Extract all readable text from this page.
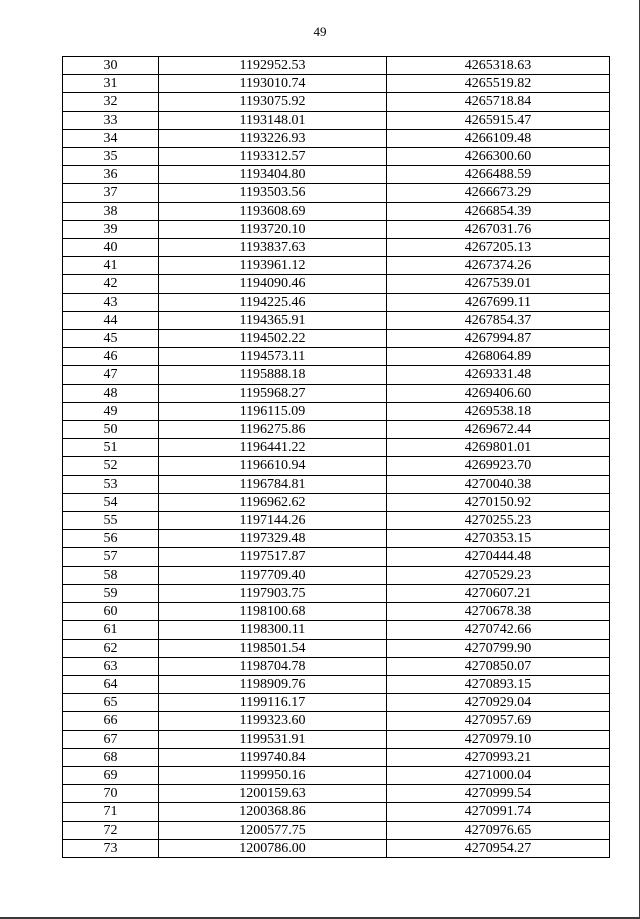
49
30	1192952.53	4265318.63
31	1193010.74	4265519.82
32	1193075.92	4265718.84
33	1193148.01	4265915.47
34	1193226.93	4266109.48
35	1193312.57	4266300.60
36	1193404.80	4266488.59
37	1193503.56	4266673.29
38	1193608.69	4266854.39
39	1193720.10	4267031.76
40	1193837.63	4267205.13
41	1193961.12	4267374.26
42	1194090.46	4267539.01
43	1194225.46	4267699.11
44	1194365.91	4267854.37
45	1194502.22	4267994.87
46	1194573.11	4268064.89
47	1195888.18	4269331.48
48	1195968.27	4269406.60
49	1196115.09	4269538.18
50	1196275.86	4269672.44
51	1196441.22	4269801.01
52	1196610.94	4269923.70
53	1196784.81	4270040.38
54	1196962.62	4270150.92
55	1197144.26	4270255.23
56	1197329.48	4270353.15
57	1197517.87	4270444.48
58	1197709.40	4270529.23
59	1197903.75	4270607.21
60	1198100.68	4270678.38
61	1198300.11	4270742.66
62	1198501.54	4270799.90
63	1198704.78	4270850.07
64	1198909.76	4270893.15
65	1199116.17	4270929.04
66	1199323.60	4270957.69
67	1199531.91	4270979.10
68	1199740.84	4270993.21
69	1199950.16	4271000.04
70	1200159.63	4270999.54
71	1200368.86	4270991.74
72	1200577.75	4270976.65
73	1200786.00	4270954.27
